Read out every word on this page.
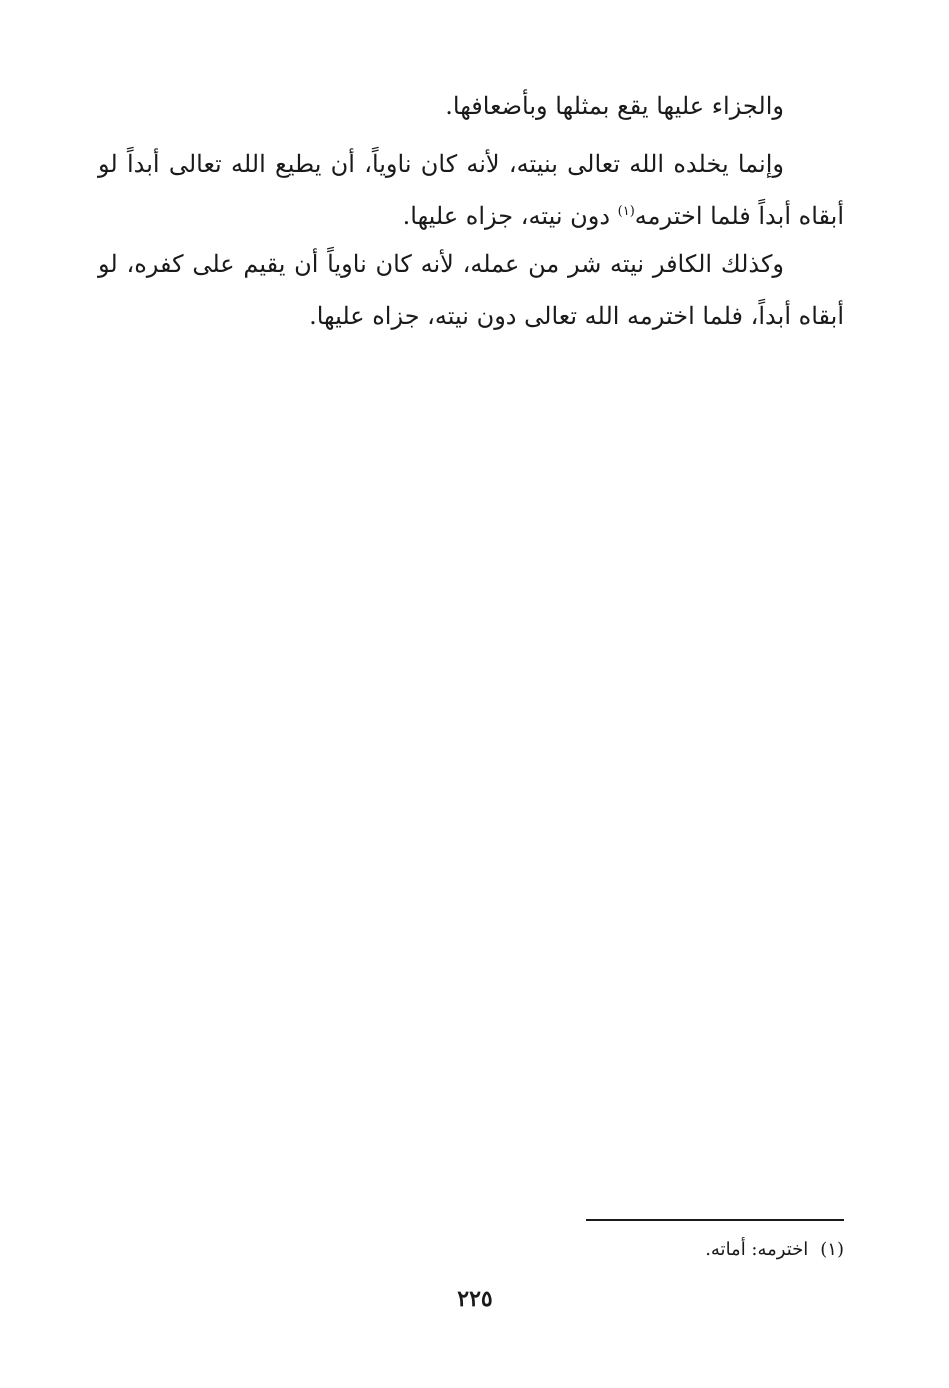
والجزاء عليها يقع بمثلها وبأضعافها.

وإنما يخلده الله تعالى بنيته، لأنه كان ناوياً، أن يطيع الله تعالى أبداً لو أبقاه أبداً فلما اخترمه$^{(١)}$ دون نيته، جزاه عليها.

وكذلك الكافر نيته شر من عمله، لأنه كان ناوياً أن يقيم على كفره، لو أبقاه أبداً، فلما اخترمه الله تعالى دون نيته، جزاه عليها.

(١)اخترمه: أماته.
٢٢٥
